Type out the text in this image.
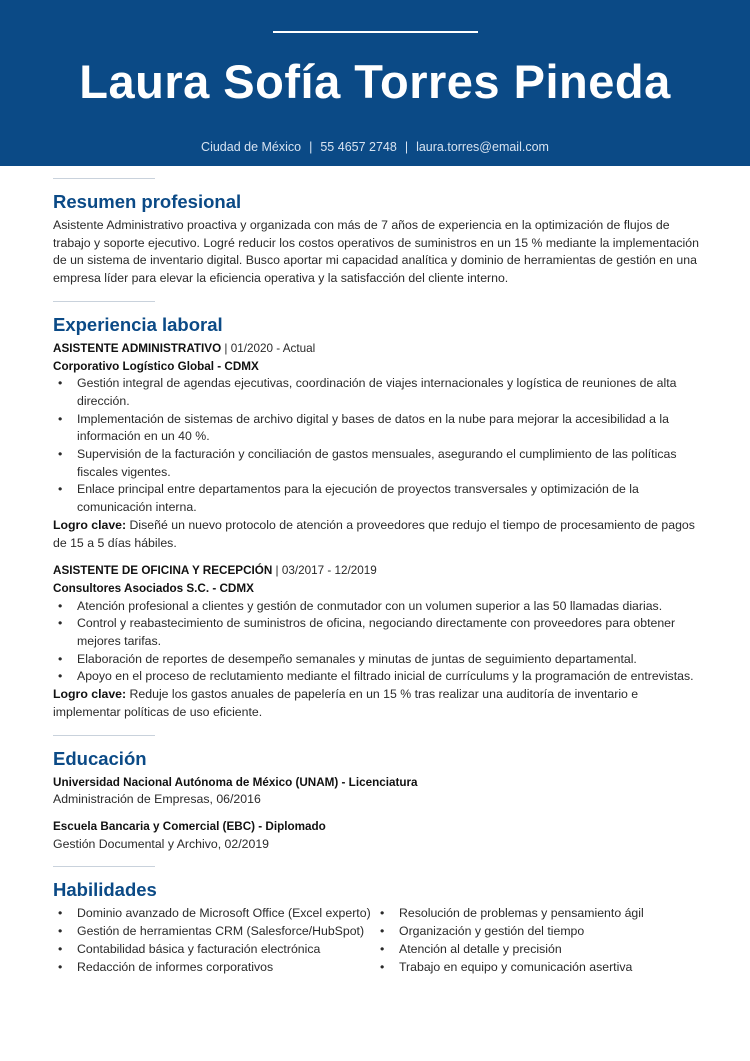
Laura Sofía Torres Pineda
Ciudad de México | 55 4657 2748 | laura.torres@email.com
Resumen profesional
Asistente Administrativo proactiva y organizada con más de 7 años de experiencia en la optimización de flujos de trabajo y soporte ejecutivo. Logré reducir los costos operativos de suministros en un 15 % mediante la implementación de un sistema de inventario digital. Busco aportar mi capacidad analítica y dominio de herramientas de gestión en una empresa líder para elevar la eficiencia operativa y la satisfacción del cliente interno.
Experiencia laboral
ASISTENTE ADMINISTRATIVO | 01/2020 - Actual
Corporativo Logístico Global - CDMX
• Gestión integral de agendas ejecutivas, coordinación de viajes internacionales y logística de reuniones de alta dirección.
• Implementación de sistemas de archivo digital y bases de datos en la nube para mejorar la accesibilidad a la información en un 40 %.
• Supervisión de la facturación y conciliación de gastos mensuales, asegurando el cumplimiento de las políticas fiscales vigentes.
• Enlace principal entre departamentos para la ejecución de proyectos transversales y optimización de la comunicación interna.
Logro clave: Diseñé un nuevo protocolo de atención a proveedores que redujo el tiempo de procesamiento de pagos de 15 a 5 días hábiles.
ASISTENTE DE OFICINA Y RECEPCIÓN | 03/2017 - 12/2019
Consultores Asociados S.C. - CDMX
• Atención profesional a clientes y gestión de conmutador con un volumen superior a las 50 llamadas diarias.
• Control y reabastecimiento de suministros de oficina, negociando directamente con proveedores para obtener mejores tarifas.
• Elaboración de reportes de desempeño semanales y minutas de juntas de seguimiento departamental.
• Apoyo en el proceso de reclutamiento mediante el filtrado inicial de currículums y la programación de entrevistas.
Logro clave: Reduje los gastos anuales de papelería en un 15 % tras realizar una auditoría de inventario e implementar políticas de uso eficiente.
Educación
Universidad Nacional Autónoma de México (UNAM) - Licenciatura
Administración de Empresas, 06/2016
Escuela Bancaria y Comercial (EBC) - Diplomado
Gestión Documental y Archivo, 02/2019
Habilidades
• Dominio avanzado de Microsoft Office (Excel experto)
• Gestión de herramientas CRM (Salesforce/HubSpot)
• Contabilidad básica y facturación electrónica
• Redacción de informes corporativos
• Resolución de problemas y pensamiento ágil
• Organización y gestión del tiempo
• Atención al detalle y precisión
• Trabajo en equipo y comunicación asertiva
